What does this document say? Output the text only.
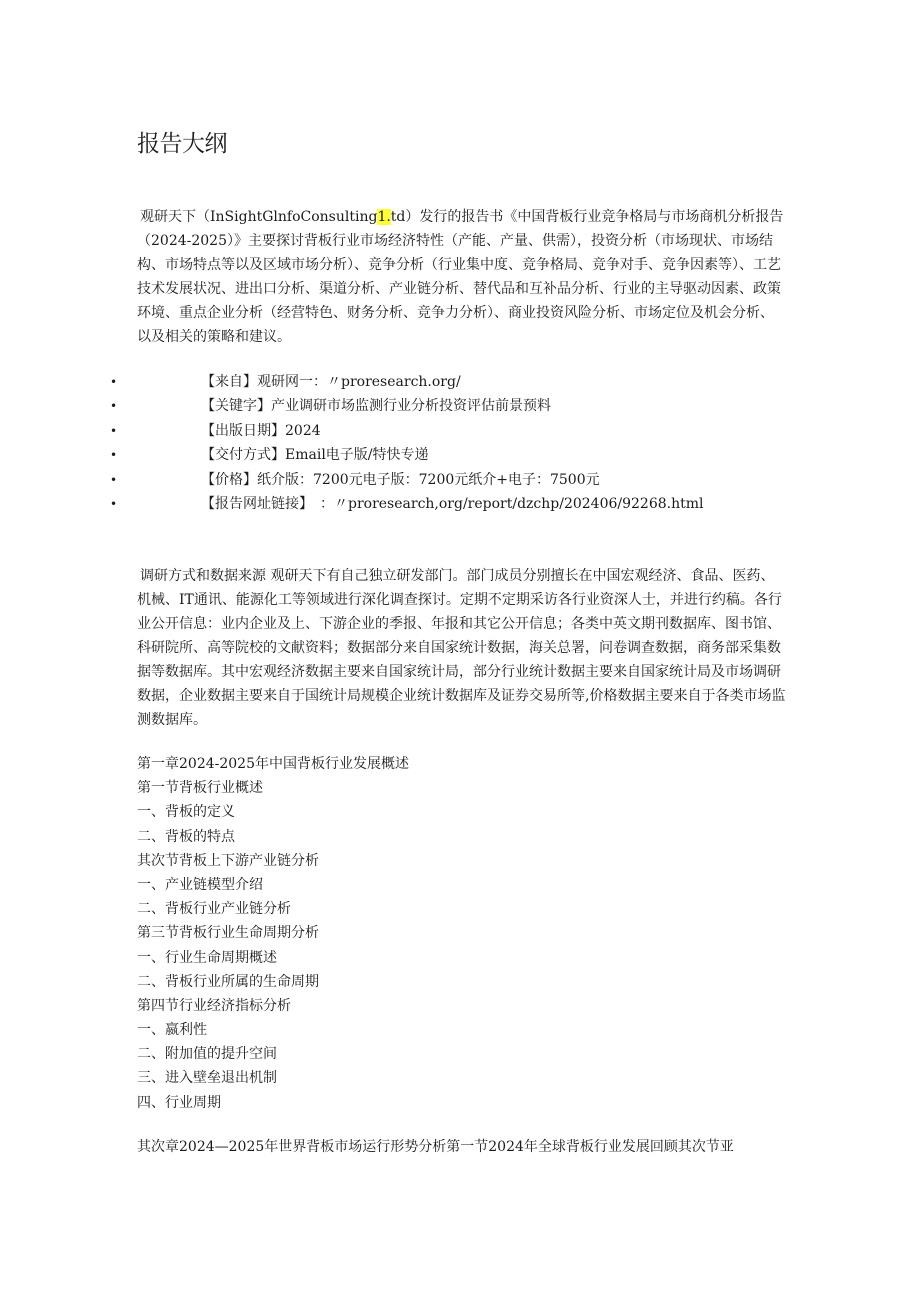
报告大纲

观研天下（InSightGlnfoConsulting1.td）发行的报告书《中国背板行业竞争格局与市场商机分析报告（2024-2025）》主要探讨背板行业市场经济特性（产能、产量、供需），投资分析（市场现状、市场结构、市场特点等以及区域市场分析）、竞争分析（行业集中度、竞争格局、竞争对手、竞争因素等）、工艺技术发展状况、进出口分析、渠道分析、产业链分析、替代品和互补品分析、行业的主导驱动因素、政策环境、重点企业分析（经营特色、财务分析、竞争力分析）、商业投资风险分析、市场定位及机会分析、以及相关的策略和建议。

•	【来自】观研网一：〃proresearch.org/
•	【关键字】产业调研市场监测行业分析投资评估前景预料
•	【出版日期】2024
•	【交付方式】Email电子版/特快专递
•	【价格】纸介版：7200元电子版：7200元纸介+电子：7500元
•	【报告网址链接】　：〃proresearch,org/report/dzchp/202406/92268.html

调研方式和数据来源 观研天下有自己独立研发部门。部门成员分别擅长在中国宏观经济、食品、医药、机械、IT通讯、能源化工等领域进行深化调查探讨。定期不定期采访各行业资深人士，并进行约稿。各行业公开信息：业内企业及上、下游企业的季报、年报和其它公开信息；各类中英文期刊数据库、图书馆、科研院所、高等院校的文献资料；数据部分来自国家统计数据，海关总署，问卷调查数据，商务部采集数据等数据库。其中宏观经济数据主要来自国家统计局，部分行业统计数据主要来自国家统计局及市场调研数据，企业数据主要来自于国统计局规模企业统计数据库及证券交易所等,价格数据主要来自于各类市场监测数据库。

第一章2024-2025年中国背板行业发展概述
第一节背板行业概述
一、背板的定义
二、背板的特点
其次节背板上下游产业链分析
一、产业链模型介绍
二、背板行业产业链分析
第三节背板行业生命周期分析
一、行业生命周期概述
二、背板行业所属的生命周期
第四节行业经济指标分析
一、嬴利性
二、附加值的提升空间
三、进入壁垒退出机制
四、行业周期

其次章2024—2025年世界背板市场运行形势分析第一节2024年全球背板行业发展回顾其次节亚
